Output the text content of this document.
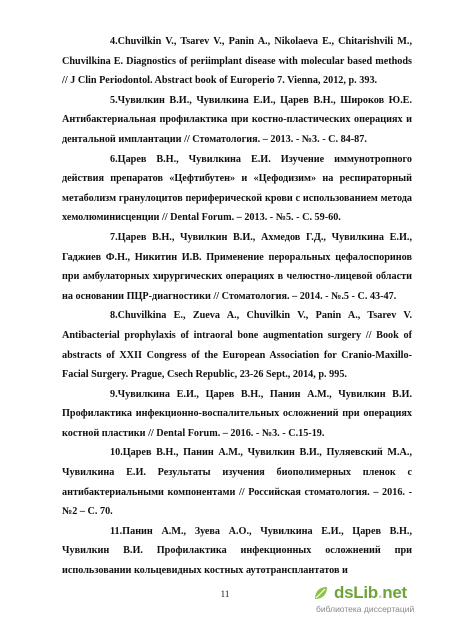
4.Chuvilkin V., Tsarev V., Panin A., Nikolaeva E., Chitarishvili M., Chuvilkina E. Diagnostics of periimplant disease with molecular based methods // J Clin Periodontol. Abstract book of Europerio 7. Vienna, 2012, p. 393.

5.Чувилкин В.И., Чувилкина Е.И., Царев В.Н., Широков Ю.Е. Антибактериальная профилактика при костно-пластических операциях и дентальной имплантации // Стоматология. – 2013. - №3. - С. 84-87.

6.Царев В.Н., Чувилкина Е.И. Изучение иммунотропного действия препаратов «Цефтибутен» и «Цефодизим» на респираторный метаболизм гранулоцитов периферической крови с использованием метода хемолюминисценции // Dental Forum. – 2013. - №5. - С. 59-60.

7.Царев В.Н., Чувилкин В.И., Ахмедов Г.Д., Чувилкина Е.И., Гаджиев Ф.Н., Никитин И.В. Применение пероральных цефалоспоринов при амбулаторных хирургических операциях в челюстно-лицевой области на основании ПЦР-диагностики // Стоматология. – 2014. - №.5 - С. 43-47.

8.Chuvilkina E., Zueva A., Chuvilkin V., Panin A., Tsarev V. Antibacterial prophylaxis of intraoral bone augmentation surgery // Book of abstracts of XXII Congress of the European Association for Cranio-Maxillo-Facial Surgery. Prague, Csech Republic, 23-26 Sept., 2014, p. 995.

9.Чувилкина Е.И., Царев В.Н., Панин А.М., Чувилкин В.И. Профилактика инфекционно-воспалительных осложнений при операциях костной пластики // Dental Forum. – 2016. - №3. - С.15-19.

10.Царев В.Н., Панин А.М., Чувилкин В.И., Пуляевский М.А., Чувилкина Е.И. Результаты изучения биополимерных пленок с антибактериальными компонентами // Российская стоматология. – 2016. - №2 – С. 70.

11.Панин А.М., Зуева А.О., Чувилкина Е.И., Царев В.Н., Чувилкин В.И. Профилактика инфекционных осложнений при использовании кольцевидных костных аутотрансплантатов и

11	dsLib.net
библиотека диссертаций
